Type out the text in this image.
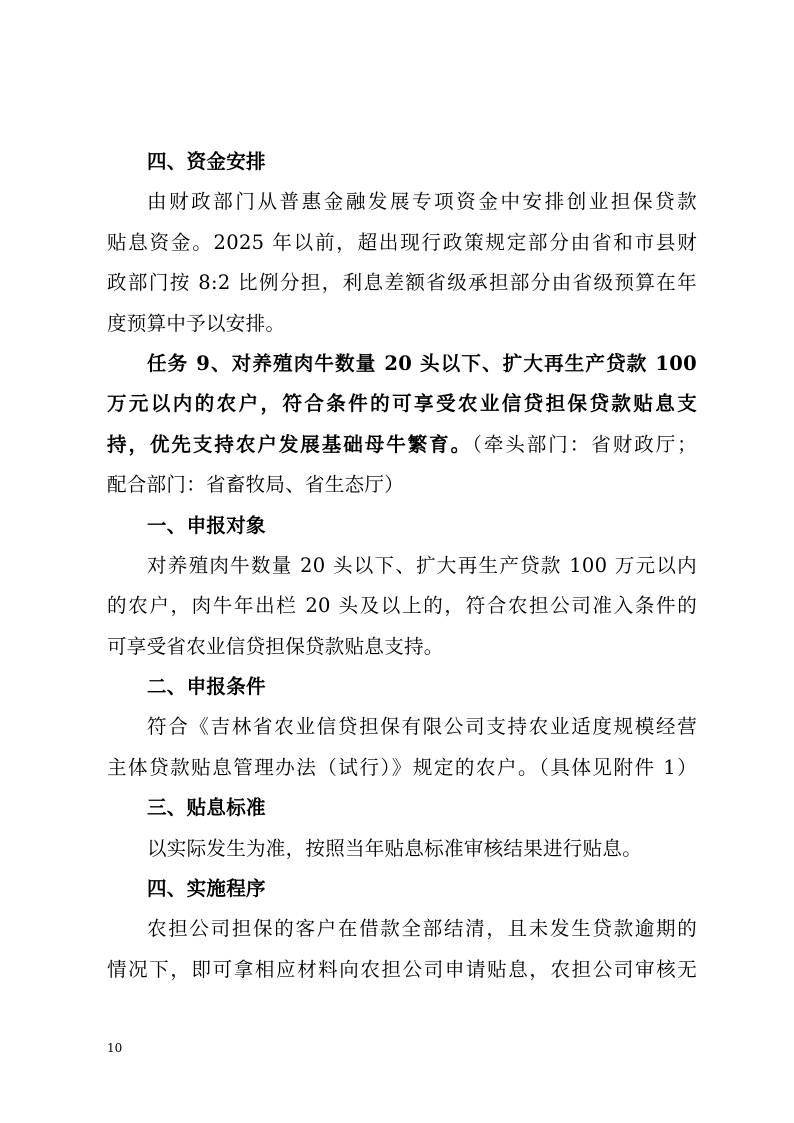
四、资金安排
由财政部门从普惠金融发展专项资金中安排创业担保贷款
贴息资金。2025 年以前，超出现行政策规定部分由省和市县财
政部门按 8:2 比例分担，利息差额省级承担部分由省级预算在年
度预算中予以安排。
任务 9、对养殖肉牛数量 20 头以下、扩大再生产贷款 100
万元以内的农户，符合条件的可享受农业信贷担保贷款贴息支
持，优先支持农户发展基础母牛繁育。（牵头部门：省财政厅；
配合部门：省畜牧局、省生态厅）
一、申报对象
对养殖肉牛数量 20 头以下、扩大再生产贷款 100 万元以内
的农户，肉牛年出栏 20 头及以上的，符合农担公司准入条件的
可享受省农业信贷担保贷款贴息支持。
二、申报条件
符合《吉林省农业信贷担保有限公司支持农业适度规模经营
主体贷款贴息管理办法（试行）》规定的农户。（具体见附件 1）
三、贴息标准
以实际发生为准，按照当年贴息标准审核结果进行贴息。
四、实施程序
农担公司担保的客户在借款全部结清，且未发生贷款逾期的
情况下，即可拿相应材料向农担公司申请贴息，农担公司审核无
10
